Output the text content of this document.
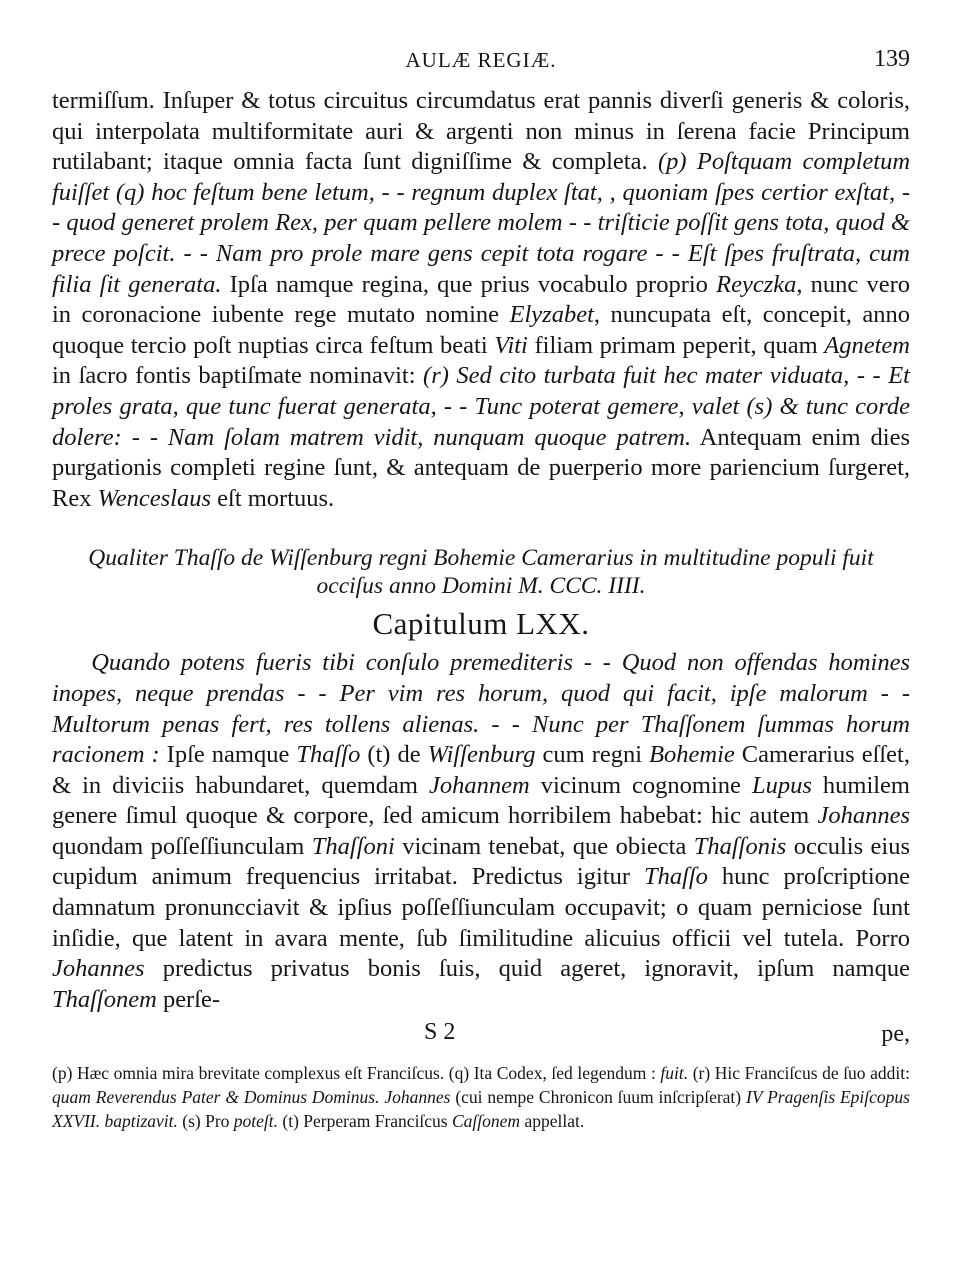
AULÆ REGIÆ.	139

termiſſum. Inſuper & totus circuitus circumdatus erat pannis diverſi generis & coloris, qui interpolata multiformitate auri & argenti non minus in ſerena facie Principum rutilabant; itaque omnia facta ſunt digniſſime & completa. (p) Poſtquam completum fuiſſet (q) hoc feſtum bene letum, - - regnum duplex ſtat, , quoniam ſpes certior exſtat, - - quod generet prolem Rex, per quam pellere molem - - triſticie poſſit gens tota, quod & prece poſcit. - - Nam pro prole mare gens cepit tota rogare - - Eſt ſpes fruſtrata, cum filia ſit generata. Ipſa namque regina, que prius vocabulo proprio Reyczka, nunc vero in coronacione iubente rege mutato nomine Elyzabet, nuncupata eſt, concepit, anno quoque tercio poſt nuptias circa feſtum beati Viti filiam primam peperit, quam Agnetem in ſacro fontis baptiſmate nominavit: (r) Sed cito turbata fuit hec mater viduata, - - Et proles grata, que tunc fuerat generata, - - Tunc poterat gemere, valet (s) & tunc corde dolere: - - Nam ſolam matrem vidit, nunquam quoque patrem. Antequam enim dies purgationis completi regine ſunt, & antequam de puerperio more pariencium ſurgeret, Rex Wenceslaus eſt mortuus.

Qualiter Thaſſo de Wiſſenburg regni Bohemie Camerarius in multitudine populi fuit occiſus anno Domini M. CCC. IIII.
Capitulum LXX.

Quando potens fueris tibi conſulo premediteris - - Quod non offendas homines inopes, neque prendas - - Per vim res horum, quod qui facit, ipſe malorum - - Multorum penas fert, res tollens alienas. - - Nunc per Thaſſonem ſummas horum racionem : Ipſe namque Thaſſo (t) de Wiſſenburg cum regni Bohemie Camerarius eſſet, & in diviciis habundaret, quemdam Johannem vicinum cognomine Lupus humilem genere ſimul quoque & corpore, ſed amicum horribilem habebat: hic autem Johannes quondam poſſeſſiunculam Thaſſoni vicinam tenebat, que obiecta Thaſſonis occulis eius cupidum animum frequencius irritabat. Predictus igitur Thaſſo hunc proſcriptione damnatum pronuncciavit & ipſius poſſeſſiunculam occupavit; o quam perniciose ſunt inſidie, que latent in avara mente, ſub ſimilitudine alicuius officii vel tutela. Porro Johannes predictus privatus bonis ſuis, quid ageret, ignoravit, ipſum namque Thaſſonem perſe-

S 2	pe,
(p) Hæc omnia mira brevitate complexus eſt Franciſcus. (q) Ita Codex, ſed legendum : fuit. (r) Hic Franciſcus de ſuo addit: quam Reverendus Pater & Dominus Dominus. Johannes (cui nempe Chronicon ſuum inſcripſerat) IV Pragenſis Epiſcopus XXVII. baptizavit. (s) Pro poteſt. (t) Perperam Franciſcus Caſſonem appellat.
